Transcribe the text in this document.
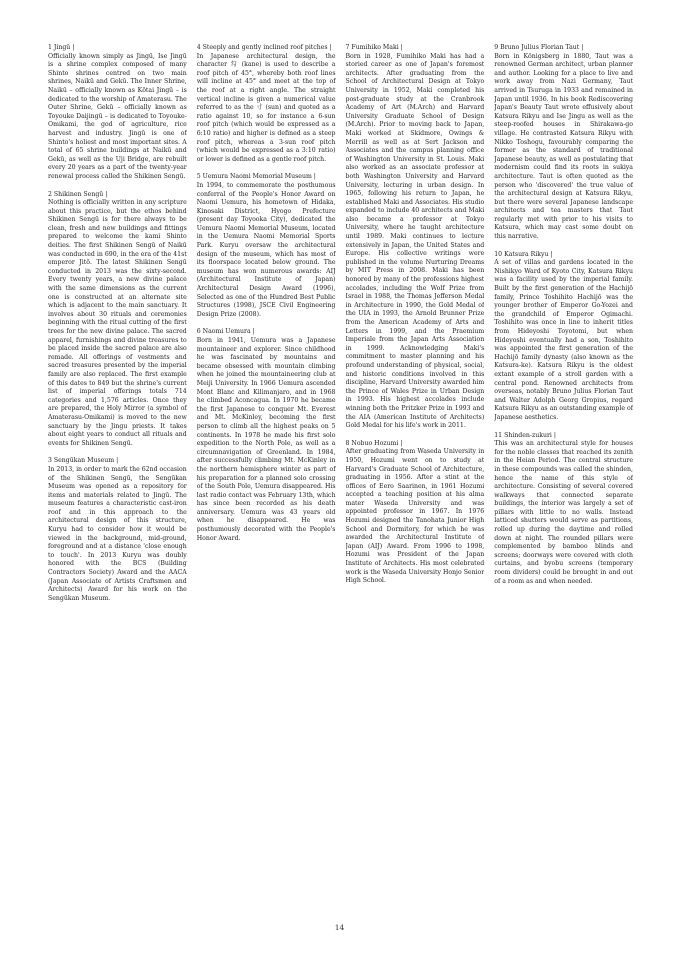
1 Jingū |

Officially known simply as Jingū, Ise Jingū is a shrine complex composed of many Shinto shrines centred on two main shrines, Naikū and Gekū. The Inner Shrine, Naikū – officially known as Kōtai Jingū – is dedicated to the worship of Amaterasu. The Outer Shrine, Gekū – officially known as Toyouke Daijingū – is dedicated to Toyouke-Omikami, the god of agriculture, rice harvest and industry. Jingū is one of Shinto's holiest and most important sites. A total of 65 shrine buildings at Naikū and Gekū, as well as the Uji Bridge, are rebuilt every 20 years as a part of the twenty-year renewal process called the Shikinen Sengū.

2 Shikinen Sengū |

Nothing is officially written in any scripture about this practice, but the ethos behind Shikinen Sengū is for there always to be clean, fresh and new buildings and fittings prepared to welcome the kami Shinto deities. The first Shikinen Sengū of Naikū was conducted in 690, in the era of the 41st emperor Jitō. The latest Shikinen Sengū conducted in 2013 was the sixty-second. Every twenty years, a new divine palace with the same dimensions as the current one is constructed at an alternate site which is adjacent to the main sanctuary. It involves about 30 rituals and ceremonies beginning with the ritual cutting of the first trees for the new divine palace. The sacred apparel, furnishings and divine treasures to be placed inside the sacred palace are also remade. All offerings of vestments and sacred treasures presented by the imperial family are also replaced. The first example of this dates to 849 but the shrine's current list of imperial offerings totals 714 categories and 1,576 articles. Once they are prepared, the Holy Mirror (a symbol of Amaterasu-Omikami) is moved to the new sanctuary by the Jingu priests. It takes about eight years to conduct all rituals and events for Shikinen Sengū.

3 Sengūkan Museum |

In 2013, in order to mark the 62nd occasion of the Shikinen Sengū, the Sengūkan Museum was opened as a repository for items and materials related to Jingū. The museum features a characteristic cast-iron roof and in this approach to the architectural design of this structure, Kuryu had to consider how it would be viewed in the background, mid-ground, foreground and at a distance 'close enough to touch'. In 2013 Kuryu was doubly honored with the BCS (Building Contractors Society) Award and the AACA (Japan Associate of Artists Craftsmen and Architects) Award for his work on the Sengūkan Museum.

4 Steeply and gently inclined roof pitches |

In Japanese architectural design, the character 勾 (kane) is used to describe a roof pitch of 45°, whereby both roof lines will incline at 45° and meet at the top of the roof at a right angle. The straight vertical incline is given a numerical value referred to as the 寸 (sun) and quoted as a ratio against 10, so for instance a 6-sun roof pitch (which would be expressed as a 6:10 ratio) and higher is defined as a steep roof pitch, whereas a 3-sun roof pitch (which would be expressed as a 3:10 ratio) or lower is defined as a gentle roof pitch.

5 Uemura Naomi Memorial Museum |

In 1994, to commemorate the posthumous conferral of the People's Honor Award on Naomi Uemura, his hometown of Hidaka, Kinosaki District, Hyogo Prefecture (present day Toyooka City), dedicated the Uemura Naomi Memorial Museum, located in the Uemura Naomi Memorial Sports Park. Kuryu oversaw the architectural design of the museum, which has most of its floorspace located below ground. The museum has won numerous awards: AIJ (Architectural Institute of Japan) Architectural Design Award (1996), Selected as one of the Hundred Best Public Structures (1998), JSCE Civil Engineering Design Prize (2008).

6 Naomi Uemura |

Born in 1941, Uemura was a Japanese mountaineer and explorer. Since childhood he was fascinated by mountains and became obsessed with mountain climbing when he joined the mountaineering club at Meiji University. In 1966 Uemura ascended Mont Blanc and Kilimanjaro, and in 1968 he climbed Aconcagua. In 1970 he became the first Japanese to conquer Mt. Everest and Mt. McKinley, becoming the first person to climb all the highest peaks on 5 continents. In 1978 he made his first solo expedition to the North Pole, as well as a circumnavigation of Greenland. In 1984, after successfully climbing Mt. McKinley in the northern hemisphere winter as part of his preparation for a planned solo crossing of the South Pole, Uemura disappeared. His last radio contact was February 13th, which has since been recorded as his death anniversary. Uemura was 43 years old when he disappeared. He was posthumously decorated with the People's Honor Award.

7 Fumihiko Maki |

Born in 1928, Fumihiko Maki has had a storied career as one of Japan's foremost architects. After graduating from the School of Architectural Design at Tokyo University in 1952, Maki completed his post-graduate study at the Cranbrook Academy of Art (M.Arch) and Harvard University Graduate School of Design (M.Arch). Prior to moving back to Japan, Maki worked at Skidmore, Owings & Merrill as well as at Sert Jackson and Associates and the campus planning office of Washington University in St. Louis. Maki also worked as an associate professor at both Washington University and Harvard University, lecturing in urban design. In 1965, following his return to Japan, he established Maki and Associates. His studio expanded to include 40 architects and Maki also became a professor at Tokyo University, where he taught architecture until 1989. Maki continues to lecture extensively in Japan, the United States and Europe. His collective writings were published in the volume Nurturing Dreams by MIT Press in 2008. Maki has been honored by many of the professions highest accolades, including the Wolf Prize from Israel in 1988, the Thomas Jefferson Medal in Architecture in 1990, the Gold Medal of the UIA in 1993, the Arnold Brunner Prize from the American Academy of Arts and Letters in 1999, and the Praemium Imperiale from the Japan Arts Association in 1999. Acknowledging Maki's commitment to master planning and his profound understanding of physical, social, and historic conditions involved in this discipline, Harvard University awarded him the Prince of Wales Prize in Urban Design in 1993. His highest accolades include winning both the Pritzker Prize in 1993 and the AIA (American Institute of Architects) Gold Medal for his life's work in 2011.

8 Nobuo Hozumi |

After graduating from Waseda University in 1950, Hozumi went on to study at Harvard's Graduate School of Architecture, graduating in 1956. After a stint at the offices of Eero Saarinen, in 1961 Hozumi accepted a teaching position at his alma mater Waseda University and was appointed professor in 1967. In 1976 Hozumi designed the Tanohata Junior High School and Dormitory, for which he was awarded the Architectural Institute of Japan (AIJ) Award. From 1996 to 1998, Hozumi was President of the Japan Institute of Architects. His most celebrated work is the Waseda University Honjo Senior High School.

9 Bruno Julius Florian Taut |

Born in Königsberg in 1880, Taut was a renowned German architect, urban planner and author. Looking for a place to live and work away from Nazi Germany, Taut arrived in Tsuruga in 1933 and remained in Japan until 1936. In his book Rediscovering Japan's Beauty Taut wrote effusively about Katsura Rikyu and Ise Jingu as well as the steep-roofed houses in Shirakawa-go village. He contrasted Katsura Rikyu with Nikko Toshogu, favourably comparing the former as the standard of traditional Japanese beauty, as well as postulating that modernism could find its roots in sukiya architecture. Taut is often quoted as the person who 'discovered' the true value of the architectural design at Katsura Rikyu, but there were several Japanese landscape architects and tea masters that Taut regularly met with prior to his visits to Katsura, which may cast some doubt on this narrative.

10 Katsura Rikyu |

A set of villas and gardens located in the Nishikyo Ward of Kyoto City, Katsura Rikyu was a facility used by the imperial family. Built by the first generation of the Hachijō family, Prince Toshihito Hachijō was the younger brother of Emperor Go-Yozei and the grandchild of Emperor Ogimachi. Toshihito was once in line to inherit titles from Hideyoshi Toyotomi, but when Hideyoshi eventually had a son, Toshihito was appointed the first generation of the Hachijō family dynasty (also known as the Katsura-ke). Katsura Rikyu is the oldest extant example of a stroll garden with a central pond. Renowned architects from overseas, notably Bruno Julius Florian Taut and Walter Adolph Georg Gropius, regard Katsura Rikyu as an outstanding example of Japanese aesthetics.

11 Shinden-zukuri |

This was an architectural style for houses for the noble classes that reached its zenith in the Heian Period. The central structure in these compounds was called the shinden, hence the name of this style of architecture. Consisting of several covered walkways that connected separate buildings, the interior was largely a set of pillars with little to no walls. Instead latticed shutters would serve as partitions, rolled up during the daytime and rolled down at night. The rounded pillars were complemented by bamboo blinds and screens; doorways were covered with cloth curtains, and byobu screens (temporary room dividers) could be brought in and out of a room as and when needed.

14
